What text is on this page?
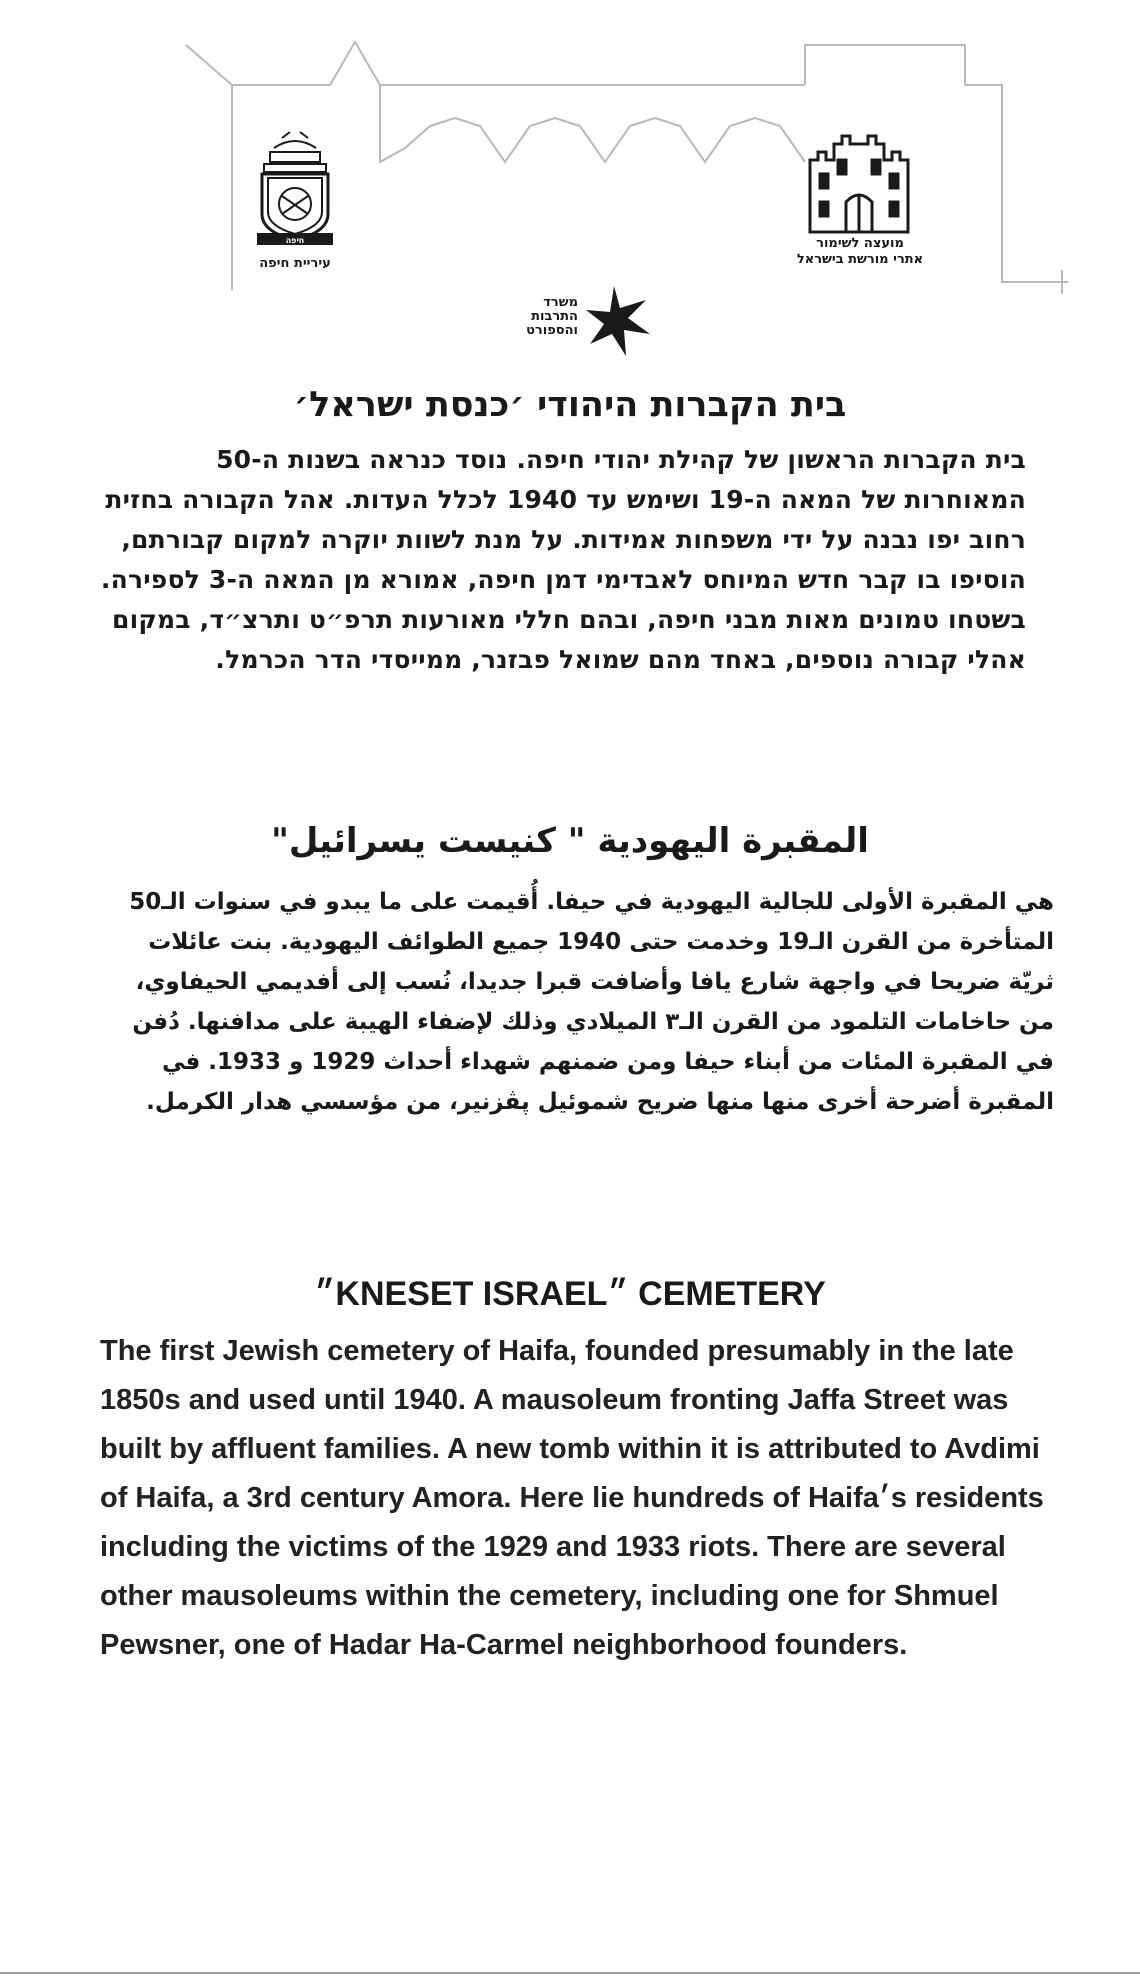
חיפה
עיריית חיפה
מועצה לשימור
אתרי מורשת בישראל
משרד
התרבות
והספורט
בית הקברות היהודי ׳כנסת ישראל׳
בית הקברות הראשון של קהילת יהודי חיפה. נוסד כנראה בשנות ה-50 המאוחרות של המאה ה-19 ושימש עד 1940 לכלל העדות. אהל הקבורה בחזית רחוב יפו נבנה על ידי משפחות אמידות. על מנת לשוות יוקרה למקום קבורתם, הוסיפו בו קבר חדש המיוחס לאבדימי דמן חיפה, אמורא מן המאה ה-3 לספירה. בשטחו טמונים מאות מבני חיפה, ובהם חללי מאורעות תרפ״ט ותרצ״ד, במקום אהלי קבורה נוספים, באחד מהם שמואל פבזנר, ממייסדי הדר הכרמל.
المقبرة اليهودية " كنيست يسرائيل"
هي المقبرة الأولى للجالية اليهودية في حيفا. أُقيمت على ما يبدو في سنوات الـ50 المتأخرة من القرن الـ19 وخدمت حتى 1940 جميع الطوائف اليهودية. بنت عائلات ثريّة ضريحا في واجهة شارع يافا وأضافت قبرا جديدا، نُسب إلى أفديمي الحيفاوي، من حاخامات التلمود من القرن الـ٣ الميلادي وذلك لإضفاء الهيبة على مدافنها. دُفن في المقبرة المئات من أبناء حيفا ومن ضمنهم شهداء أحداث 1929 و 1933. في المقبرة أضرحة أخرى منها منها ضريح شموئيل پڤزنير، من مؤسسي هدار الكرمل.
״KNESET ISRAEL״ CEMETERY
The first Jewish cemetery of Haifa, founded presumably in the late 1850s and used until 1940. A mausoleum fronting Jaffa Street was built by affluent families. A new tomb within it is attributed to Avdimi of Haifa, a 3rd century Amora. Here lie hundreds of Haifa׳s residents including the victims of the 1929 and 1933 riots. There are several other mausoleums within the cemetery, including one for Shmuel Pewsner, one of Hadar Ha-Carmel neighborhood founders.
